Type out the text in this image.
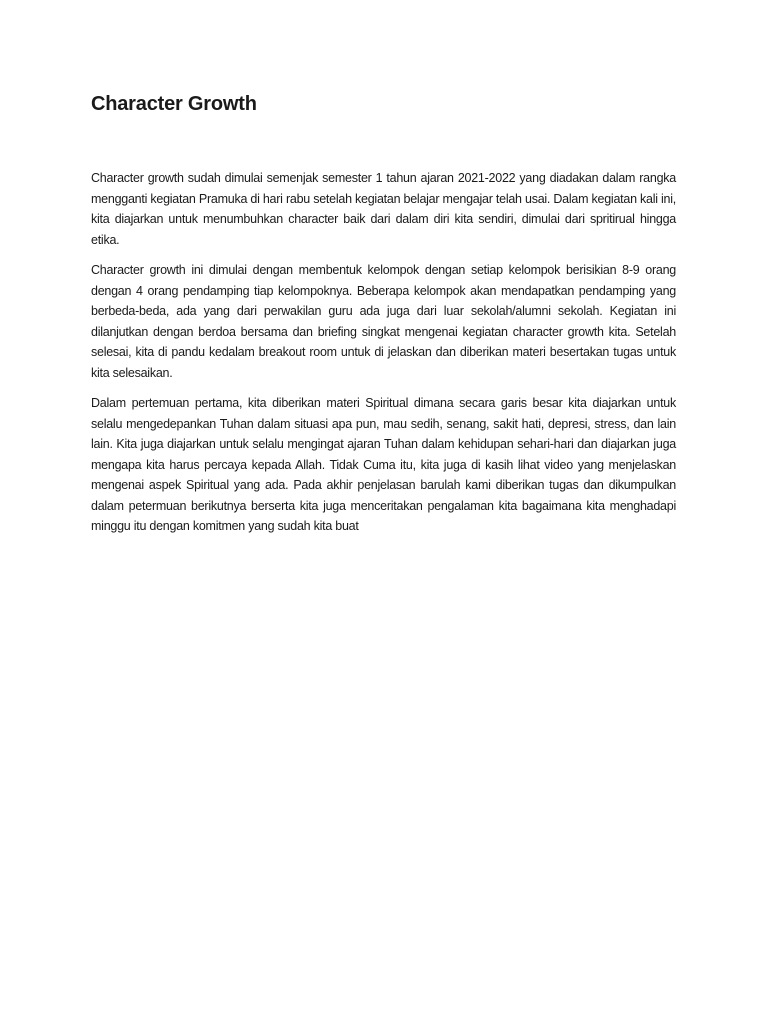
Character Growth

Character growth sudah dimulai semenjak semester 1 tahun ajaran 2021-2022 yang diadakan dalam rangka mengganti kegiatan Pramuka di hari rabu setelah kegiatan belajar mengajar telah usai. Dalam kegiatan kali ini, kita diajarkan untuk menumbuhkan character baik dari dalam diri kita sendiri, dimulai dari spritirual hingga etika.

Character growth ini dimulai dengan membentuk kelompok dengan setiap kelompok berisikian 8-9 orang dengan 4 orang pendamping tiap kelompoknya. Beberapa kelompok akan mendapatkan pendamping yang berbeda-beda, ada yang dari perwakilan guru ada juga dari luar sekolah/alumni sekolah. Kegiatan ini dilanjutkan dengan berdoa bersama dan briefing singkat mengenai kegiatan character growth kita. Setelah selesai, kita di pandu kedalam breakout room untuk di jelaskan dan diberikan materi besertakan tugas untuk kita selesaikan.

Dalam pertemuan pertama, kita diberikan materi Spiritual dimana secara garis besar kita diajarkan untuk selalu mengedepankan Tuhan dalam situasi apa pun, mau sedih, senang, sakit hati, depresi, stress, dan lain lain. Kita juga diajarkan untuk selalu mengingat ajaran Tuhan dalam kehidupan sehari-hari dan diajarkan juga mengapa kita harus percaya kepada Allah. Tidak Cuma itu, kita juga di kasih lihat video yang menjelaskan mengenai aspek Spiritual yang ada. Pada akhir penjelasan barulah kami diberikan tugas dan dikumpulkan dalam petermuan berikutnya berserta kita juga menceritakan pengalaman kita bagaimana kita menghadapi minggu itu dengan komitmen yang sudah kita buat
